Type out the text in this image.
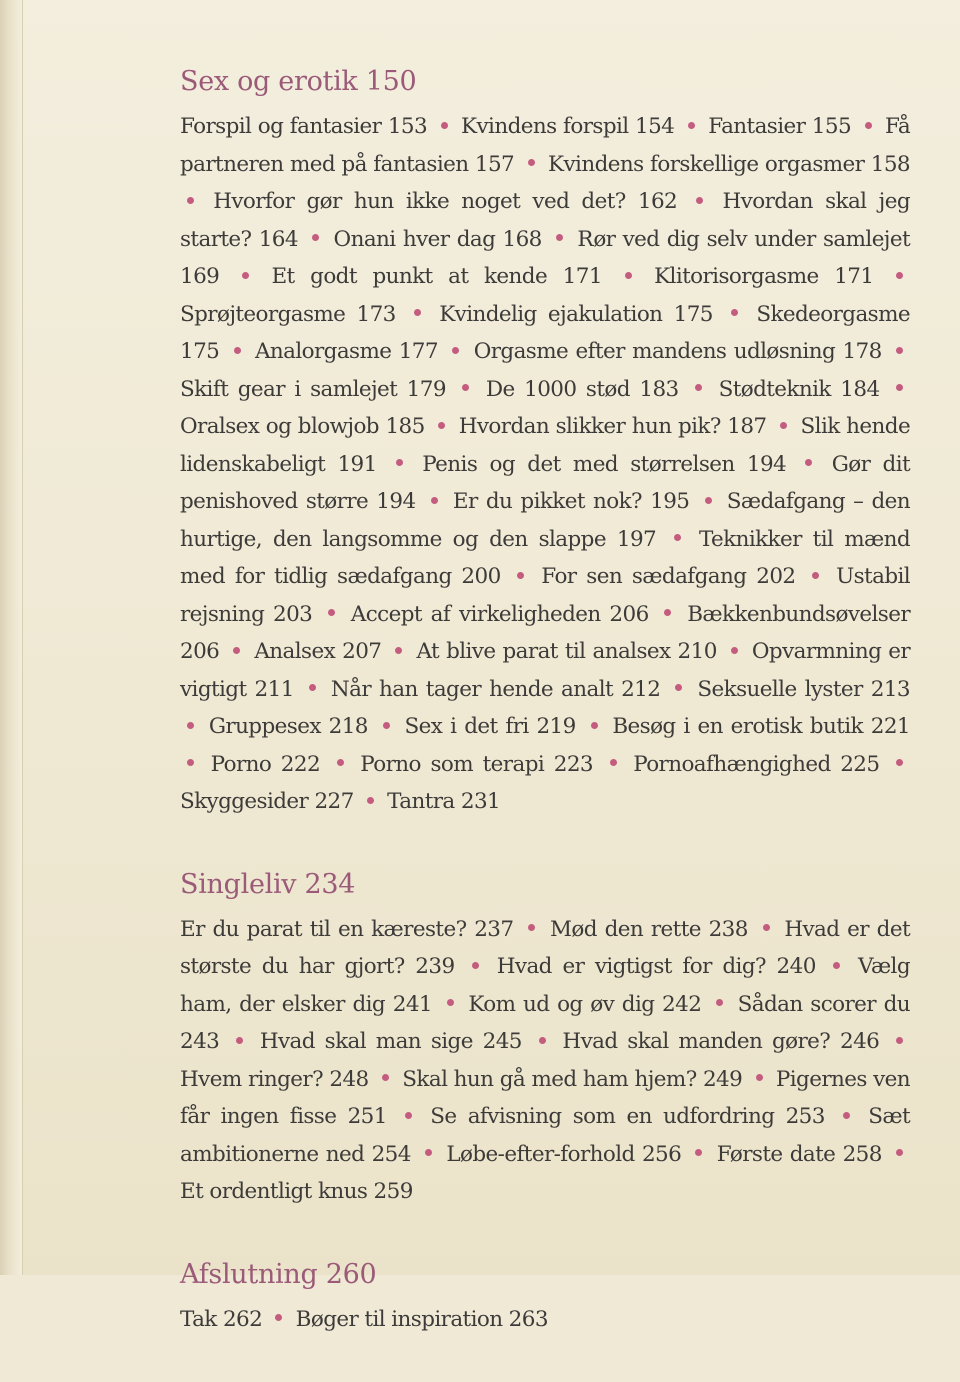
Sex og erotik 150
Forspil og fantasier 153 Kvindens forspil 154 Fantasier 155 Få partneren med på fantasien 157 Kvindens forskellige orgasmer 158  Hvorfor gør hun ikke noget ved det? 162 Hvordan skal jeg starte? 164 Onani hver dag 168 Rør ved dig selv under samlejet 169 Et godt punkt at kende 171 Klitorisorgasme 171  Sprøjteorgasme 173 Kvindelig ejakulation 175 Skedeorgasme 175 Analorgasme 177 Orgasme efter mandens udløsning 178  Skift gear i samlejet 179 De 1000 stød 183 Stødteknik 184  Oralsex og blowjob 185 Hvordan slikker hun pik? 187 Slik hende lidenskabeligt 191 Penis og det med størrelsen 194 Gør dit penishoved større 194 Er du pikket nok? 195 Sædafgang – den hurtige, den langsomme og den slappe 197 Teknikker til mænd med for tidlig sædafgang 200 For sen sædafgang 202 Ustabil rejsning 203 Accept af virkeligheden 206 Bækkenbundsøvelser 206 Analsex 207 At blive parat til analsex 210 Opvarmning er vigtigt 211 Når han tager hende analt 212 Seksuelle lyster 213  Gruppesex 218 Sex i det fri 219 Besøg i en erotisk butik 221  Porno 222 Porno som terapi 223 Pornoafhængighed 225  Skyggesider 227 Tantra 231
Singleliv 234
Er du parat til en kæreste? 237 Mød den rette 238 Hvad er det største du har gjort? 239 Hvad er vigtigst for dig? 240 Vælg ham, der elsker dig 241 Kom ud og øv dig 242 Sådan scorer du 243 Hvad skal man sige 245 Hvad skal manden gøre? 246  Hvem ringer? 248 Skal hun gå med ham hjem? 249 Pigernes ven får ingen fisse 251 Se afvisning som en udfordring 253 Sæt ambitionerne ned 254 Løbe-efter-forhold 256 Første date 258  Et ordentligt knus 259
Afslutning 260
Tak 262 Bøger til inspiration 263
